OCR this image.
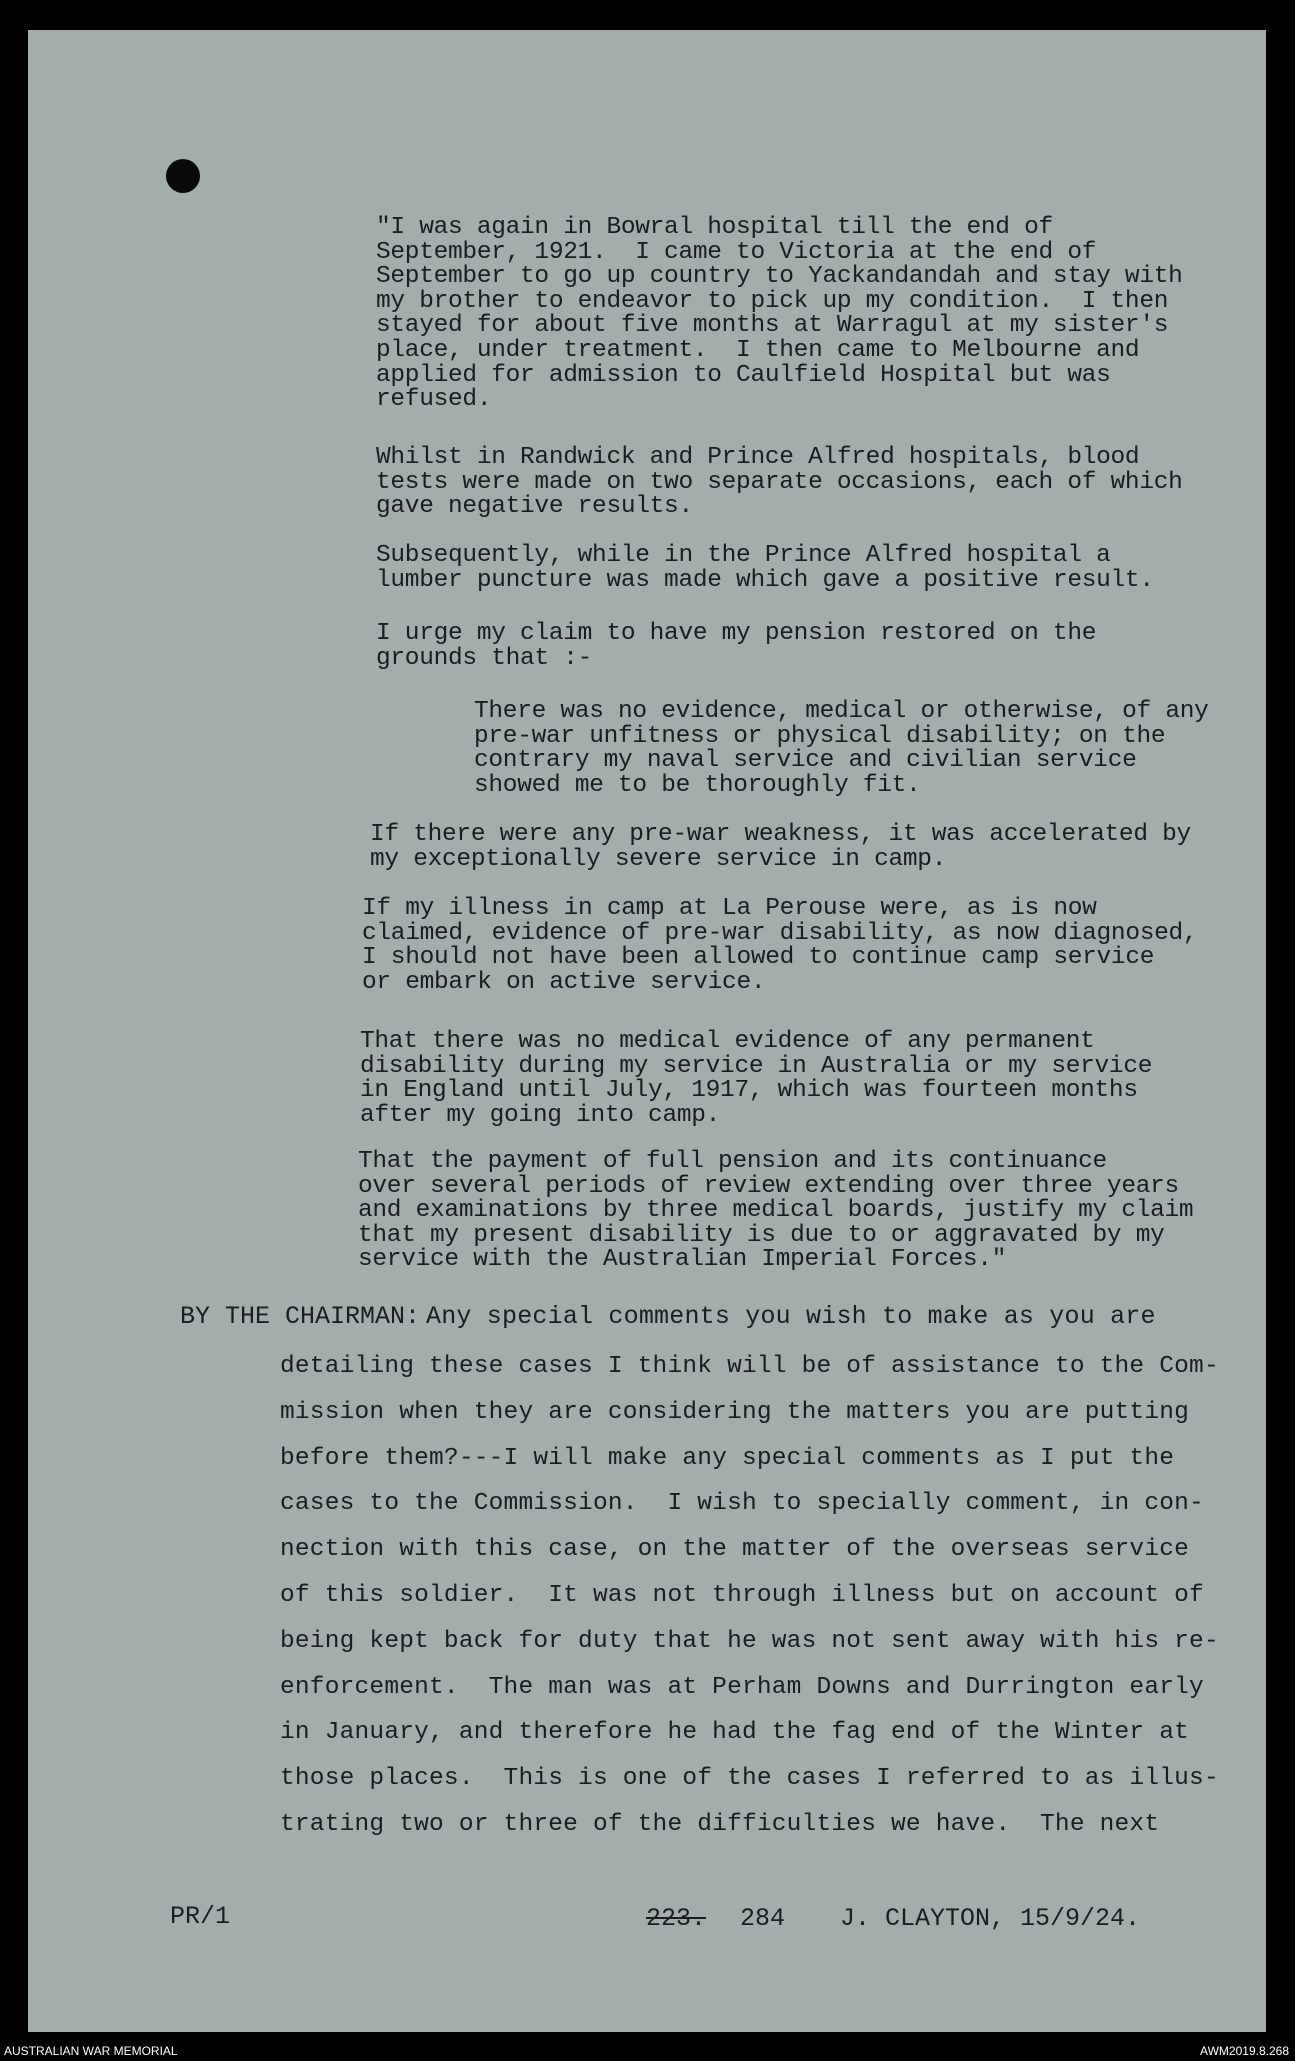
"I was again in Bowral hospital till the end of
September, 1921.  I came to Victoria at the end of
September to go up country to Yackandandah and stay with
my brother to endeavor to pick up my condition.  I then
stayed for about five months at Warragul at my sister's
place, under treatment.  I then came to Melbourne and
applied for admission to Caulfield Hospital but was
refused.

Whilst in Randwick and Prince Alfred hospitals, blood
tests were made on two separate occasions, each of which
gave negative results.

Subsequently, while in the Prince Alfred hospital a
lumber puncture was made which gave a positive result.

I urge my claim to have my pension restored on the
grounds that :-

There was no evidence, medical or otherwise, of any
pre-war unfitness or physical disability; on the
contrary my naval service and civilian service
showed me to be thoroughly fit.

If there were any pre-war weakness, it was accelerated by
my exceptionally severe service in camp.

If my illness in camp at La Perouse were, as is now
claimed, evidence of pre-war disability, as now diagnosed,
I should not have been allowed to continue camp service
or embark on active service.

That there was no medical evidence of any permanent
disability during my service in Australia or my service
in England until July, 1917, which was fourteen months
after my going into camp.

That the payment of full pension and its continuance
over several periods of review extending over three years
and examinations by three medical boards, justify my claim
that my present disability is due to or aggravated by my
service with the Australian Imperial Forces."

BY THE CHAIRMAN: Any special comments you wish to make as you are

detailing these cases I think will be of assistance to the Com-
mission when they are considering the matters you are putting
before them?---I will make any special comments as I put the
cases to the Commission.  I wish to specially comment, in con-
nection with this case, on the matter of the overseas service
of this soldier.  It was not through illness but on account of
being kept back for duty that he was not sent away with his re-
enforcement.  The man was at Perham Downs and Durrington early
in January, and therefore he had the fag end of the Winter at
those places.  This is one of the cases I referred to as illus-
trating two or three of the difficulties we have.  The next

PR/1	223. 284 J. CLAYTON, 15/9/24.

AUSTRALIAN WAR MEMORIAL	AWM2019.8.268
